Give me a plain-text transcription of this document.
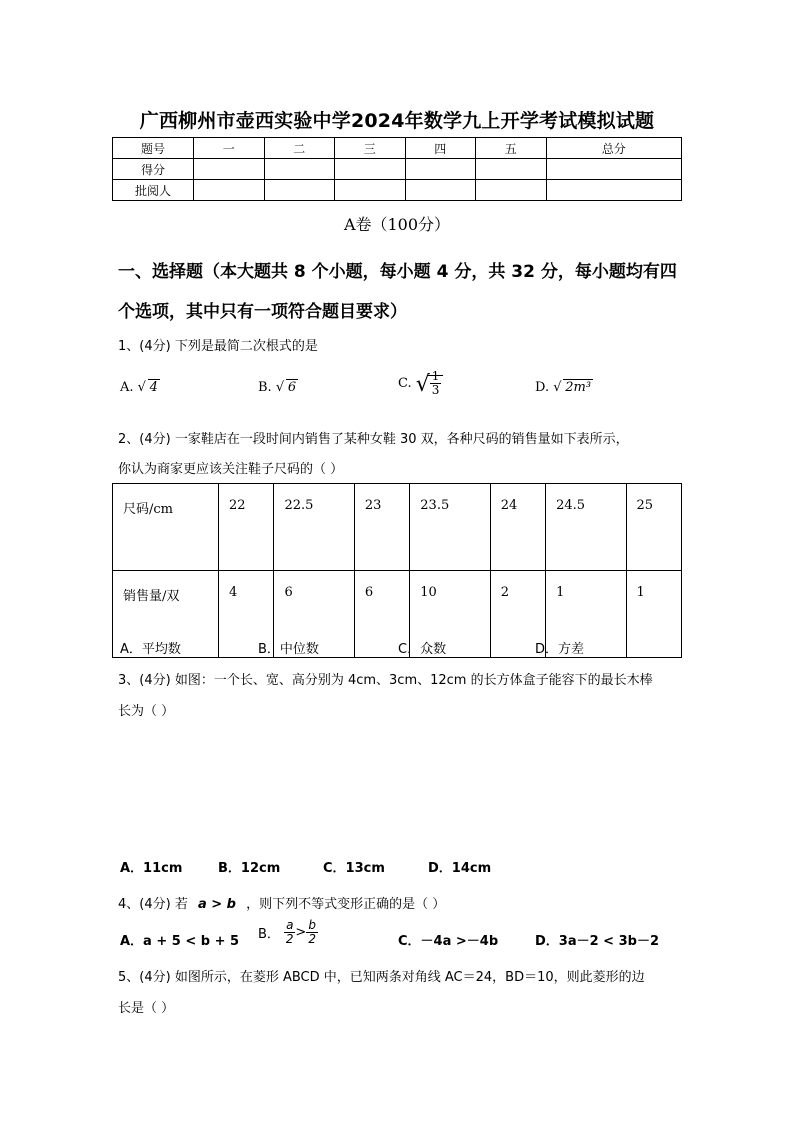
广西柳州市壶西实验中学2024年数学九上开学考试模拟试题
题号	一	二	三	四	五	总分
得分						
批阅人						
A卷（100分）
一、选择题（本大题共 8 个小题，每小题 4 分，共 32 分，每小题均有四个选项，其中只有一项符合题目要求）
1、(4分) 下列是最简二次根式的是
A. √ 4	B. √ 6	C. √ $\frac{1}{3}$	D. √ 2m³
2、(4分) 一家鞋店在一段时间内销售了某种女鞋 30 双，各种尺码的销售量如下表所示，
你认为商家更应该关注鞋子尺码的（ ）
尺码/cm	22	22.5	23	23.5	24	24.5	25
销售量/双	4	6	6	10	2	1	1
A．平均数	B．中位数	C．众数	D．方差
3、(4分) 如图：一个长、宽、高分别为 4cm、3cm、12cm 的长方体盒子能容下的最长木棒
长为（ ）
A．11cm	B．12cm	C．13cm	D．14cm
4、(4分) 若 a > b ，则下列不等式变形正确的是（ ）
A．a + 5 < b + 5 B． $\frac{a}{2} > \frac{b}{2}$	C．－4a >－4b	D．3a－2 < 3b－2
5、(4分) 如图所示，在菱形 ABCD 中，已知两条对角线 AC＝24，BD＝10，则此菱形的边
长是（ ）
